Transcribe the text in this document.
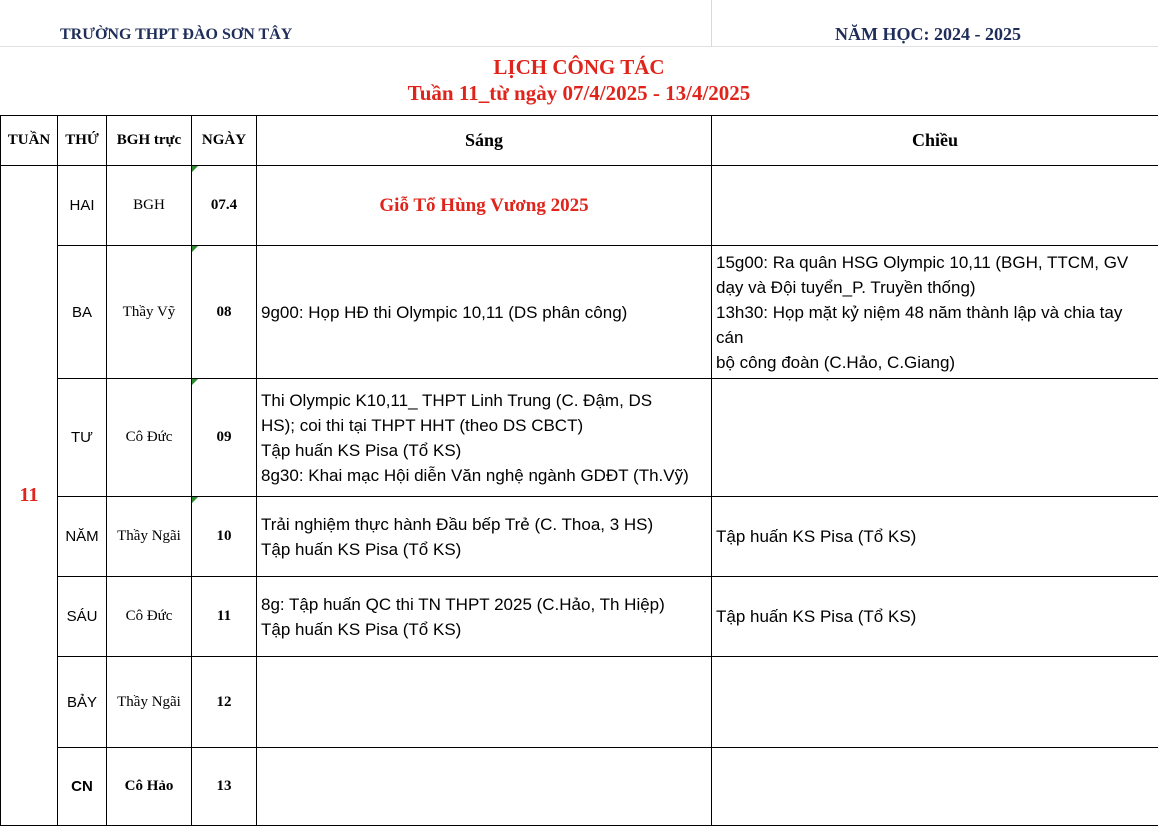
TRƯỜNG THPT ĐÀO SƠN TÂY	NĂM HỌC: 2024 - 2025
LỊCH CÔNG TÁC
Tuần 11_từ ngày 07/4/2025 - 13/4/2025
TUẦN	THỨ	BGH trực	NGÀY	Sáng	Chiều
11	HAI	BGH	07.4	Giỗ Tổ Hùng Vương 2025	
	BA	Thầy Vỹ	08	9g00: Họp HĐ thi Olympic 10,11 (DS phân công)	15g00: Ra quân HSG Olympic 10,11 (BGH, TTCM, GV
dạy và Đội tuyển_P. Truyền thống)
13h30: Họp mặt kỷ niệm 48 năm thành lập và chia tay cán
bộ công đoàn (C.Hảo, C.Giang)

	TƯ	Cô Đức	09	Thi Olympic K10,11_ THPT Linh Trung (C. Đậm, DS
HS); coi thi tại THPT HHT (theo DS CBCT)
Tập huấn KS Pisa (Tổ KS)
8g30: Khai mạc Hội diễn Văn nghệ ngành GDĐT (Th.Vỹ)	

	NĂM	Thầy Ngãi	10	Trải nghiệm thực hành Đầu bếp Trẻ (C. Thoa, 3 HS)
Tập huấn KS Pisa (Tổ KS)	Tập huấn KS Pisa (Tổ KS)

	SÁU	Cô Đức	11	8g: Tập huấn QC thi TN THPT 2025 (C.Hảo, Th Hiệp)
Tập huấn KS Pisa (Tổ KS)	Tập huấn KS Pisa (Tổ KS)

	BẢY	Thầy Ngãi	12		
	CN	Cô Hảo	13		
